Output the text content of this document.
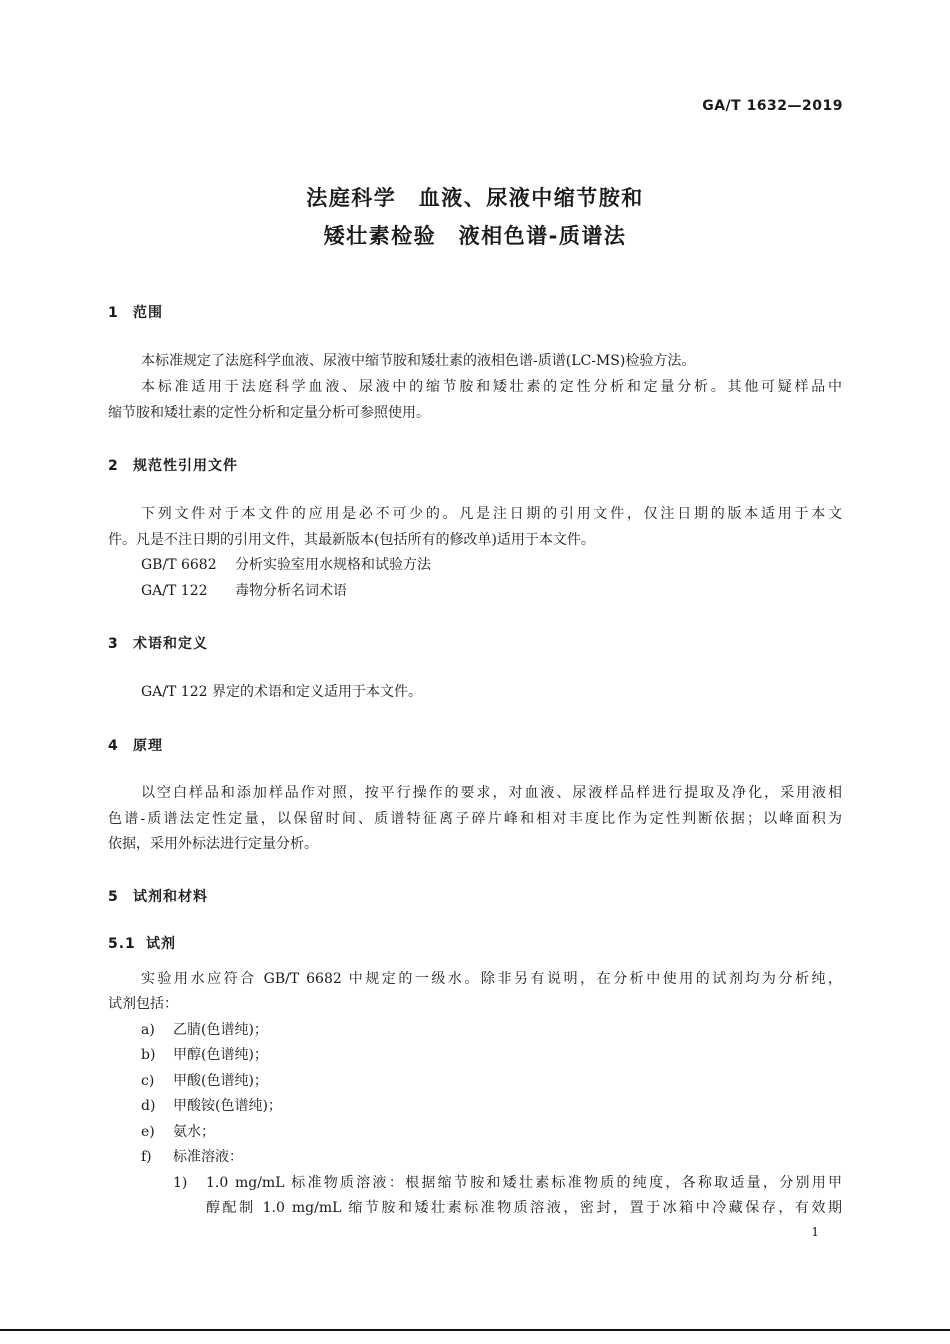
GA/T 1632—2019
法庭科学　血液、尿液中缩节胺和
矮壮素检验　液相色谱-质谱法
1 范围
本标准规定了法庭科学血液、尿液中缩节胺和矮壮素的液相色谱-质谱(LC-MS)检验方法。
本标准适用于法庭科学血液、尿液中的缩节胺和矮壮素的定性分析和定量分析。其他可疑样品中
缩节胺和矮壮素的定性分析和定量分析可参照使用。
2 规范性引用文件
下列文件对于本文件的应用是必不可少的。凡是注日期的引用文件，仅注日期的版本适用于本文
件。凡是不注日期的引用文件，其最新版本(包括所有的修改单)适用于本文件。
GB/T 6682 分析实验室用水规格和试验方法
GA/T 122 毒物分析名词术语
3 术语和定义
GA/T 122 界定的术语和定义适用于本文件。
4 原理
以空白样品和添加样品作对照，按平行操作的要求，对血液、尿液样品样进行提取及净化，采用液相
色谱-质谱法定性定量，以保留时间、质谱特征离子碎片峰和相对丰度比作为定性判断依据；以峰面积为
依据，采用外标法进行定量分析。
5 试剂和材料
5.1 试剂
实验用水应符合 GB/T 6682 中规定的一级水。除非另有说明，在分析中使用的试剂均为分析纯，
试剂包括：
a) 乙腈(色谱纯)；
b) 甲醇(色谱纯)；
c) 甲酸(色谱纯)；
d) 甲酸铵(色谱纯)；
e) 氨水；
f) 标准溶液：
1)	1.0 mg/mL 标准物质溶液：根据缩节胺和矮壮素标准物质的纯度，各称取适量，分别用甲
醇配制 1.0 mg/mL 缩节胺和矮壮素标准物质溶液，密封，置于冰箱中冷藏保存，有效期
1
